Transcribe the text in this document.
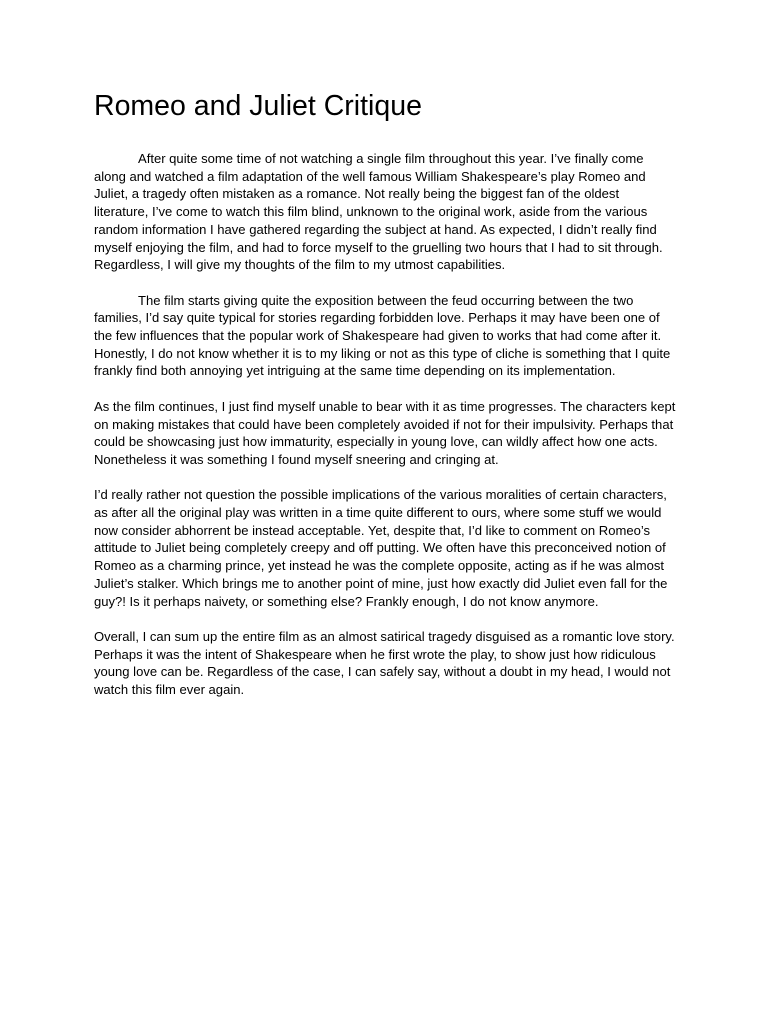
Romeo and Juliet Critique

After quite some time of not watching a single film throughout this year. I’ve finally come along and watched a film adaptation of the well famous William Shakespeare’s play Romeo and Juliet, a tragedy often mistaken as a romance. Not really being the biggest fan of the oldest literature, I’ve come to watch this film blind, unknown to the original work, aside from the various random information I have gathered regarding the subject at hand. As expected, I didn’t really find myself enjoying the film, and had to force myself to the gruelling two hours that I had to sit through. Regardless, I will give my thoughts of the film to my utmost capabilities.

The film starts giving quite the exposition between the feud occurring between the two families, I’d say quite typical for stories regarding forbidden love. Perhaps it may have been one of the few influences that the popular work of Shakespeare had given to works that had come after it. Honestly, I do not know whether it is to my liking or not as this type of cliche is something that I quite frankly find both annoying yet intriguing at the same time depending on its implementation.

As the film continues, I just find myself unable to bear with it as time progresses. The characters kept on making mistakes that could have been completely avoided if not for their impulsivity. Perhaps that could be showcasing just how immaturity, especially in young love, can wildly affect how one acts. Nonetheless it was something I found myself sneering and cringing at.

I’d really rather not question the possible implications of the various moralities of certain characters, as after all the original play was written in a time quite different to ours, where some stuff we would now consider abhorrent be instead acceptable. Yet, despite that, I’d like to comment on Romeo’s attitude to Juliet being completely creepy and off putting. We often have this preconceived notion of Romeo as a charming prince, yet instead he was the complete opposite, acting as if he was almost Juliet’s stalker. Which brings me to another point of mine, just how exactly did Juliet even fall for the guy?! Is it perhaps naivety, or something else? Frankly enough, I do not know anymore.

Overall, I can sum up the entire film as an almost satirical tragedy disguised as a romantic love story. Perhaps it was the intent of Shakespeare when he first wrote the play, to show just how ridiculous young love can be. Regardless of the case, I can safely say, without a doubt in my head, I would not watch this film ever again.
